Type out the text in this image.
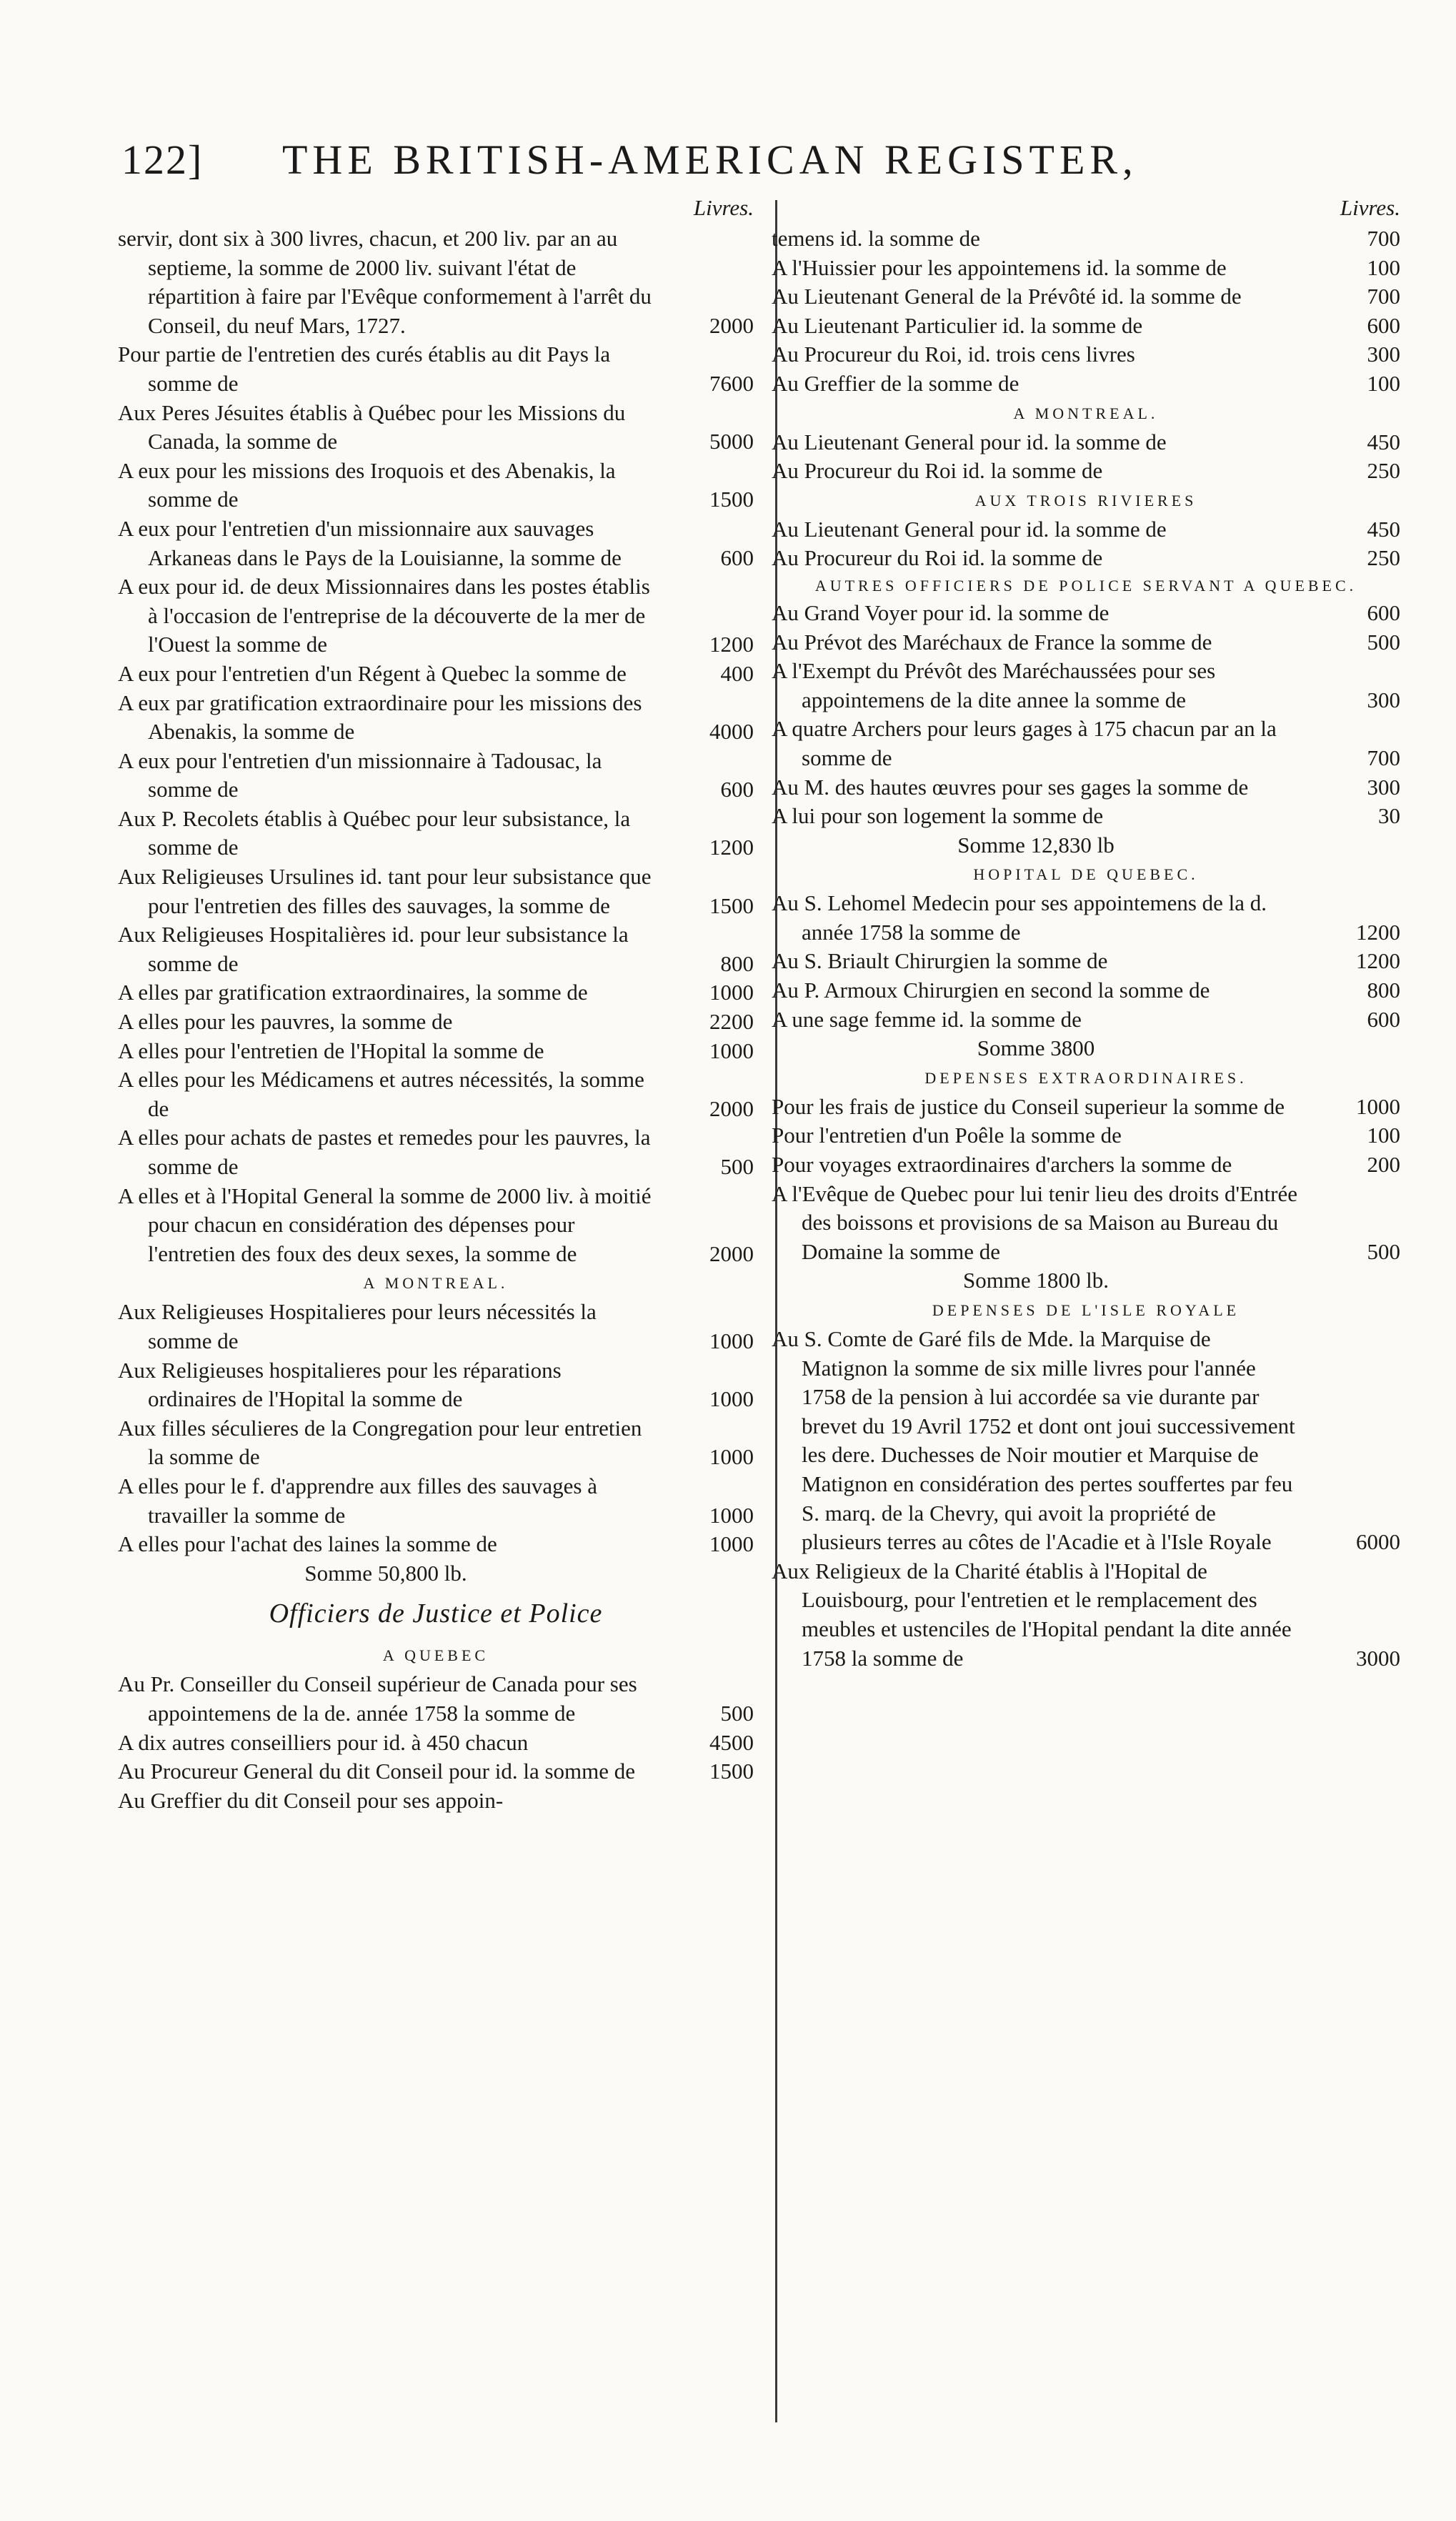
122] THE BRITISH-AMERICAN REGISTER,
Livres.
servir, dont six à 300 livres, chacun, et 200 liv. par an au septieme, la somme de 2000 liv. suivant l'état de répartition à faire par l'Evêque conformement à l'arrêt du Conseil, du neuf Mars, 1727.	2000
Pour partie de l'entretien des curés établis au dit Pays la somme de	7600
Aux Peres Jésuites établis à Québec pour les Missions du Canada, la somme de	5000
A eux pour les missions des Iroquois et des Abenakis, la somme de	1500
A eux pour l'entretien d'un missionnaire aux sauvages Arkaneas dans le Pays de la Louisianne, la somme de	600
A eux pour id. de deux Missionnaires dans les postes établis à l'occasion de l'entreprise de la découverte de la mer de l'Ouest la somme de	1200
A eux pour l'entretien d'un Régent à Quebec la somme de	400
A eux par gratification extraordinaire pour les missions des Abenakis, la somme de	4000
A eux pour l'entretien d'un missionnaire à Tadousac, la somme de	600
Aux P. Recolets établis à Québec pour leur subsistance, la somme de	1200
Aux Religieuses Ursulines id. tant pour leur subsistance que pour l'entretien des filles des sauvages, la somme de	1500
Aux Religieuses Hospitalières id. pour leur subsistance la somme de	800
A elles par gratification extraordinaires, la somme de	1000
A elles pour les pauvres, la somme de	2200
A elles pour l'entretien de l'Hopital la somme de	1000
A elles pour les Médicamens et autres nécessités, la somme de	2000
A elles pour achats de pastes et remedes pour les pauvres, la somme de	500
A elles et à l'Hopital General la somme de 2000 liv. à moitié pour chacun en considération des dépenses pour l'entretien des foux des deux sexes, la somme de	2000
A MONTREAL.
Aux Religieuses Hospitalieres pour leurs nécessités la somme de	1000
Aux Religieuses hospitalieres pour les réparations ordinaires de l'Hopital la somme de	1000
Aux filles séculieres de la Congregation pour leur entretien la somme de	1000
A elles pour le f. d'apprendre aux filles des sauvages à travailler la somme de	1000
A elles pour l'achat des laines la somme de	1000
Somme 50,800 lb.
Officiers de Justice et Police
A QUEBEC
Au Pr. Conseiller du Conseil supérieur de Canada pour ses appointemens de la de. année 1758 la somme de	500
A dix autres conseilliers pour id. à 450 chacun	4500
Au Procureur General du dit Conseil pour id. la somme de	1500
Au Greffier du dit Conseil pour ses appoin-
Livres.
temens id. la somme de	700
A l'Huissier pour les appointemens id. la somme de	100
Au Lieutenant General de la Prévôté id. la somme de	700
Au Lieutenant Particulier id. la somme de	600
Au Procureur du Roi, id. trois cens livres	300
Au Greffier de la somme de	100
A MONTREAL.
Au Lieutenant General pour id. la somme de	450
Au Procureur du Roi id. la somme de	250
AUX TROIS RIVIERES
Au Lieutenant General pour id. la somme de	450
Au Procureur du Roi id. la somme de	250
AUTRES OFFICIERS DE POLICE SERVANT A QUEBEC.
Au Grand Voyer pour id. la somme de	600
Au Prévot des Maréchaux de France la somme de	500
A l'Exempt du Prévôt des Maréchaussées pour ses appointemens de la dite annee la somme de	300
A quatre Archers pour leurs gages à 175 chacun par an la somme de	700
Au M. des hautes œuvres pour ses gages la somme de	300
A lui pour son logement la somme de	30
Somme 12,830 lb
HOPITAL DE QUEBEC.
Au S. Lehomel Medecin pour ses appointemens de la d. année 1758 la somme de	1200
Au S. Briault Chirurgien la somme de	1200
Au P. Armoux Chirurgien en second la somme de	800
A une sage femme id. la somme de	600
Somme 3800
DEPENSES EXTRAORDINAIRES.
Pour les frais de justice du Conseil superieur la somme de	1000
Pour l'entretien d'un Poêle la somme de	100
Pour voyages extraordinaires d'archers la somme de	200
A l'Evêque de Quebec pour lui tenir lieu des droits d'Entrée des boissons et provisions de sa Maison au Bureau du Domaine la somme de	500
Somme 1800 lb.
DEPENSES DE L'ISLE ROYALE
Au S. Comte de Garé fils de Mde. la Marquise de Matignon la somme de six mille livres pour l'année 1758 de la pension à lui accordée sa vie durante par brevet du 19 Avril 1752 et dont ont joui successivement les dere. Duchesses de Noir moutier et Marquise de Matignon en considération des pertes souffertes par feu S. marq. de la Chevry, qui avoit la propriété de plusieurs terres au côtes de l'Acadie et à l'Isle Royale	6000
Aux Religieux de la Charité établis à l'Hopital de Louisbourg, pour l'entretien et le remplacement des meubles et ustenciles de l'Hopital pendant la dite année 1758 la somme de	3000
